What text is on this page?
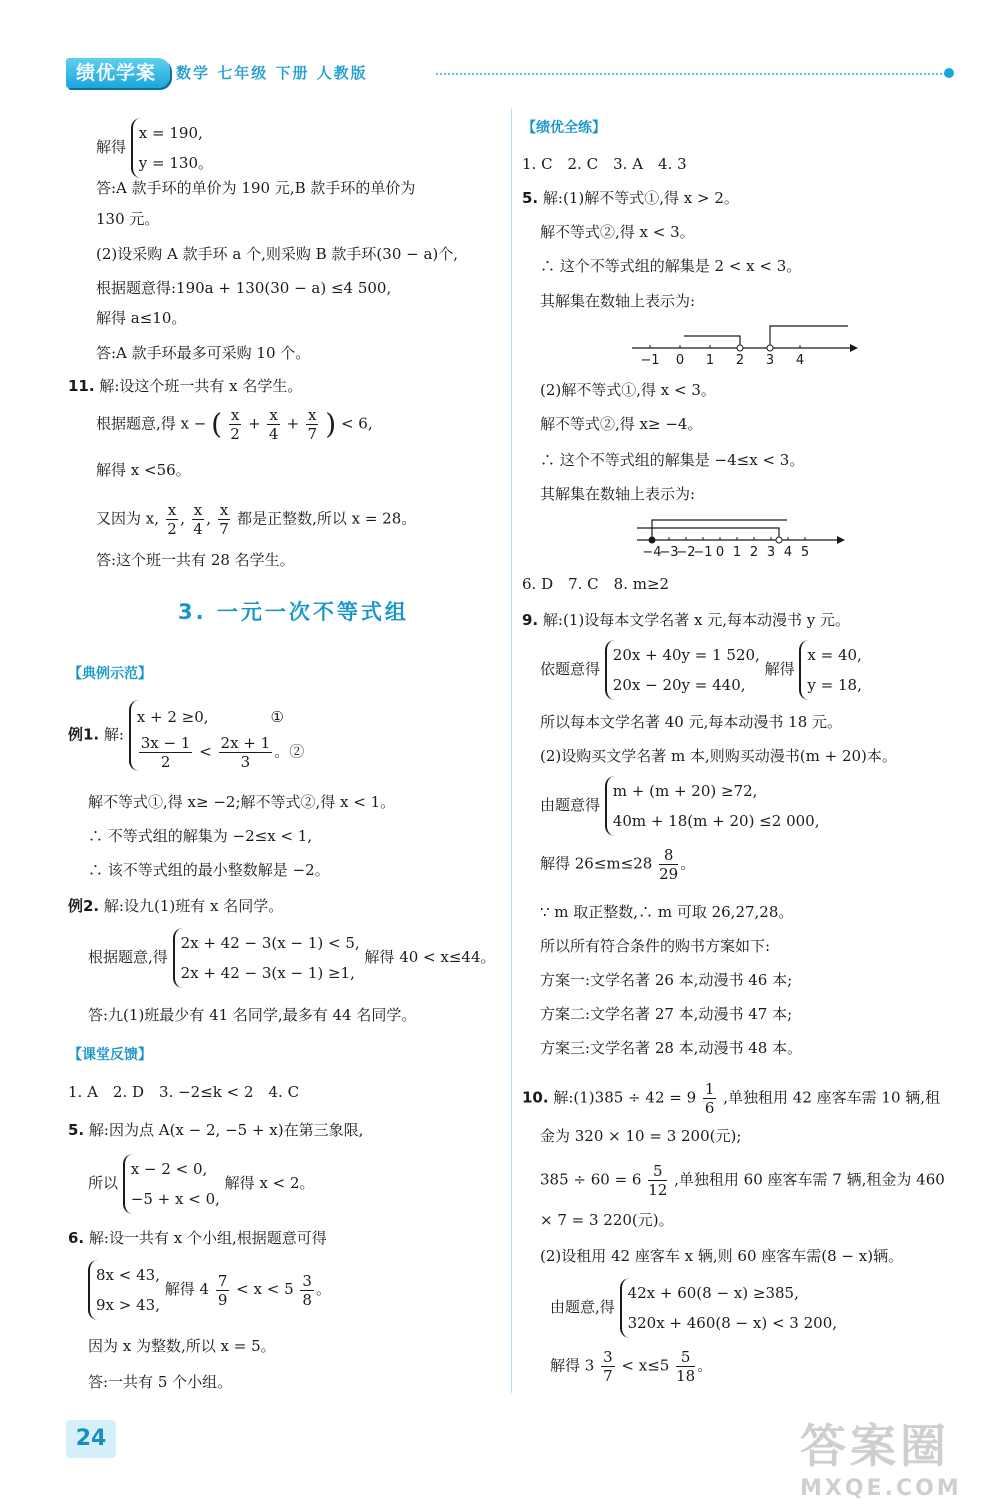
绩优学案	数学 七年级 下册 人教版
解得
x = 190,
y = 130。
答:A 款手环的单价为 190 元,B 款手环的单价为
130 元。
(2)设采购 A 款手环 a 个,则采购 B 款手环(30 − a)个,
根据题意得:190a + 130(30 − a) ≤4 500,
解得 a≤10。
答:A 款手环最多可采购 10 个。
11. 解:设这个班一共有 x 名学生。
根据题意,得 x − ( $\frac{x}{2} + \frac{x}{4} + \frac{x}{7}$ ) < 6,
解得 x <56。
又因为 x, $\frac{x}{2}$ , $\frac{x}{4}$ , $\frac{x}{7}$ 都是正整数,所以 x = 28。
答:这个班一共有 28 名学生。
3. 一元一次不等式组
【典例示范】
例1. 解:
x + 2 ≥0,	①
$\frac{3x - 1}{2} < \frac{2x + 1}{3}$ 。②
解不等式①,得 x≥ −2;解不等式②,得 x < 1。
∴ 不等式组的解集为 −2≤x < 1,
∴ 该不等式组的最小整数解是 −2。
例2. 解:设九(1)班有 x 名同学。
根据题意,得
2x + 42 − 3(x − 1) < 5,
2x + 42 − 3(x − 1) ≥1,
解得 40 < x≤44。
答:九(1)班最少有 41 名同学,最多有 44 名同学。
【课堂反馈】
1. A　2. D　3. −2≤k < 2　4. C
5. 解:因为点 A(x − 2, −5 + x)在第三象限,
所以
x − 2 < 0,
−5 + x < 0,
解得 x < 2。
6. 解:设一共有 x 个小组,根据题意可得
8x < 43,
9x > 43,
解得 $4 \frac{7}{9} < x < 5 \frac{3}{8}$ 。
因为 x 为整数,所以 x = 5。
答:一共有 5 个小组。
【绩优全练】
1. C　2. C　3. A　4. 3
5. 解:(1)解不等式①,得 x > 2。
解不等式②,得 x < 3。
∴ 这个不等式组的解集是 2 < x < 3。
其解集在数轴上表示为:
−1 0 1 2 3 4
(2)解不等式①,得 x < 3。
解不等式②,得 x≥ −4。
∴ 这个不等式组的解集是 −4≤x < 3。
其解集在数轴上表示为:
−4
−3
−2
−1 0 1 2 3 4 5
6. D　7. C　8. m≥2
9. 解:(1)设每本文学名著 x 元,每本动漫书 y 元。
依题意得
20x + 40y = 1 520,
20x − 20y = 440,
解得
x = 40,
y = 18,
所以每本文学名著 40 元,每本动漫书 18 元。
(2)设购买文学名著 m 本,则购买动漫书(m + 20)本。
由题意得
m + (m + 20) ≥72,
40m + 18(m + 20) ≤2 000,
解得 $26\le m\le 28 \frac{8}{29}$ 。
∵ m 取正整数,∴ m 可取 26,27,28。
所以所有符合条件的购书方案如下:
方案一:文学名著 26 本,动漫书 46 本;
方案二:文学名著 27 本,动漫书 47 本;
方案三:文学名著 28 本,动漫书 48 本。
10. 解:(1)385 ÷ $42 = 9 \frac{1}{6}$ ,单独租用 42 座客车需 10 辆,租
金为 320 × 10 = 3 200(元);
$385 \div 60 = 6 \frac{5}{12}$ ,单独租用 60 座客车需 7 辆,租金为 460
× 7 = 3 220(元)。
(2)设租用 42 座客车 x 辆,则 60 座客车需(8 − x)辆。
由题意,得
42x + 60(8 − x) ≥385,
320x + 460(8 − x) < 3 200,
解得 $3 \frac{3}{7} < x\le 5 \frac{5}{18}$ 。
24	答案圈
MXQE.COM
